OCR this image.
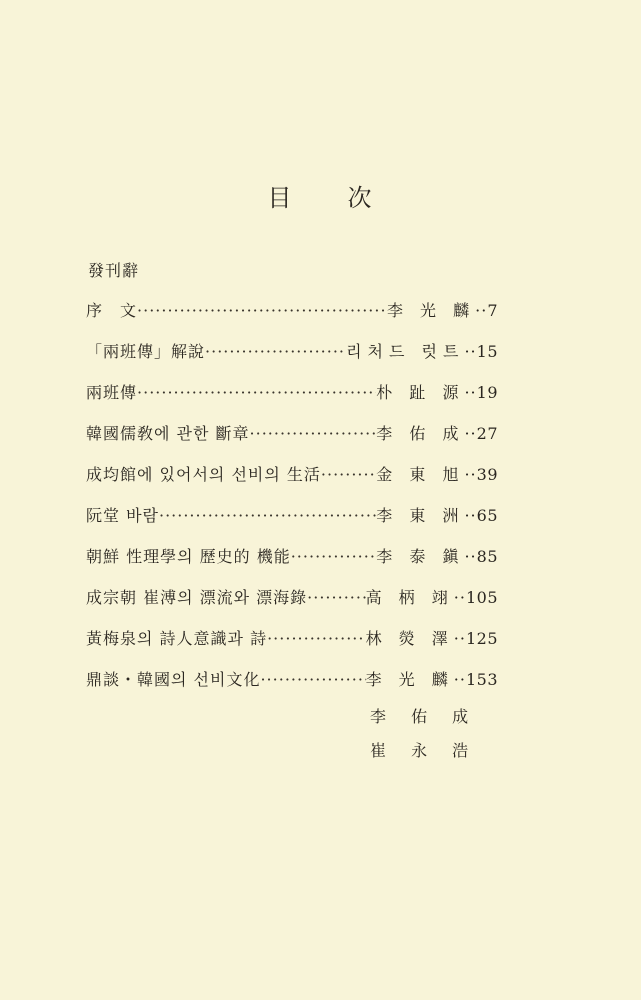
目 次
發刊辭
序　文 ·····	李 光 麟 ·· 7
「兩班傳」解說 ·····	리처드 럿트 ·· 15
兩班傳 ·····	朴 趾 源 ·· 19
韓國儒敎에 관한 斷章 ·····	李 佑 成 ·· 27
成均館에 있어서의 선비의 生活 ·····	金 東 旭 ·· 39
阮堂 바람 ·····	李 東 洲 ·· 65
朝鮮 性理學의 歷史的 機能 ·····	李 泰 鎭 ·· 85
成宗朝 崔溥의 漂流와 漂海錄 ·····	高 柄 翊 ·· 105
黃梅泉의 詩人意識과 詩 ·····	林 熒 澤 ·· 125
鼎談・韓國의 선비文化 ·····	李 光 麟 ·· 153
李 佑 成
崔 永 浩
